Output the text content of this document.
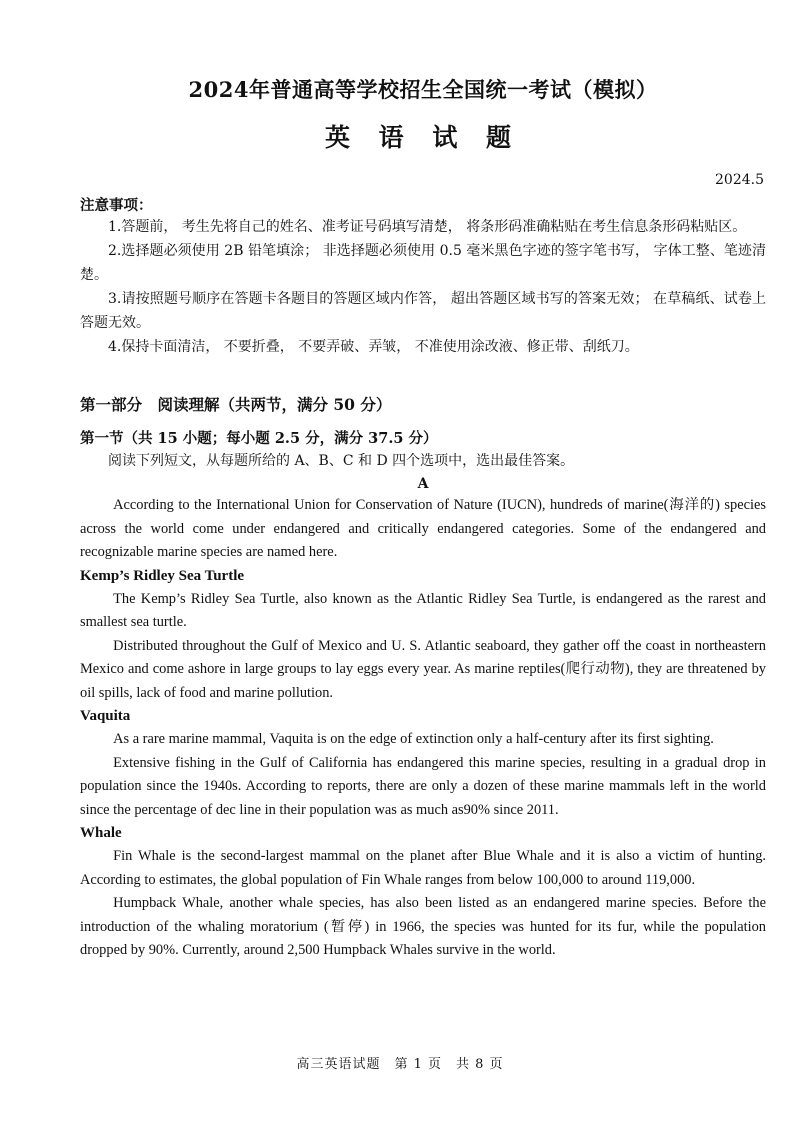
2024年普通高等学校招生全国统一考试（模拟）
英 语 试 题
2024.5
注意事项：

1.答题前， 考生先将自己的姓名、准考证号码填写清楚， 将条形码准确粘贴在考生信息条形码粘贴区。

2.选择题必须使用 2B 铅笔填涂； 非选择题必须使用 0.5 毫米黑色字迹的签字笔书写， 字体工整、笔迹清楚。

3.请按照题号顺序在答题卡各题目的答题区域内作答， 超出答题区域书写的答案无效； 在草稿纸、试卷上答题无效。

4.保持卡面清洁， 不要折叠， 不要弄破、弄皱， 不准使用涂改液、修正带、刮纸刀。

第一部分　阅读理解（共两节，满分 50 分）
第一节（共 15 小题；每小题 2.5 分，满分 37.5 分）

阅读下列短文，从每题所给的 A、B、C 和 D 四个选项中，选出最佳答案。

A

According to the International Union for Conservation of Nature (IUCN), hundreds of marine(海洋的) species across the world come under endangered and critically endangered categories. Some of the endangered and recognizable marine species are named here.

Kemp’s Ridley Sea Turtle

The Kemp’s Ridley Sea Turtle, also known as the Atlantic Ridley Sea Turtle, is endangered as the rarest and smallest sea turtle.

Distributed throughout the Gulf of Mexico and U. S. Atlantic seaboard, they gather off the coast in northeastern Mexico and come ashore in large groups to lay eggs every year. As marine reptiles(爬行动物), they are threatened by oil spills, lack of food and marine pollution.

Vaquita

As a rare marine mammal, Vaquita is on the edge of extinction only a half-century after its first sighting.

Extensive fishing in the Gulf of California has endangered this marine species, resulting in a gradual drop in population since the 1940s. According to reports, there are only a dozen of these marine mammals left in the world since the percentage of dec line in their population was as much as90% since 2011.

Whale

Fin Whale is the second-largest mammal on the planet after Blue Whale and it is also a victim of hunting. According to estimates, the global population of Fin Whale ranges from below 100,000 to around 119,000.

Humpback Whale, another whale species, has also been listed as an endangered marine species. Before the introduction of the whaling moratorium (暂停) in 1966, the species was hunted for its fur, while the population dropped by 90%. Currently, around 2,500 Humpback Whales survive in the world.

高三英语试题　第 1 页　共 8 页
